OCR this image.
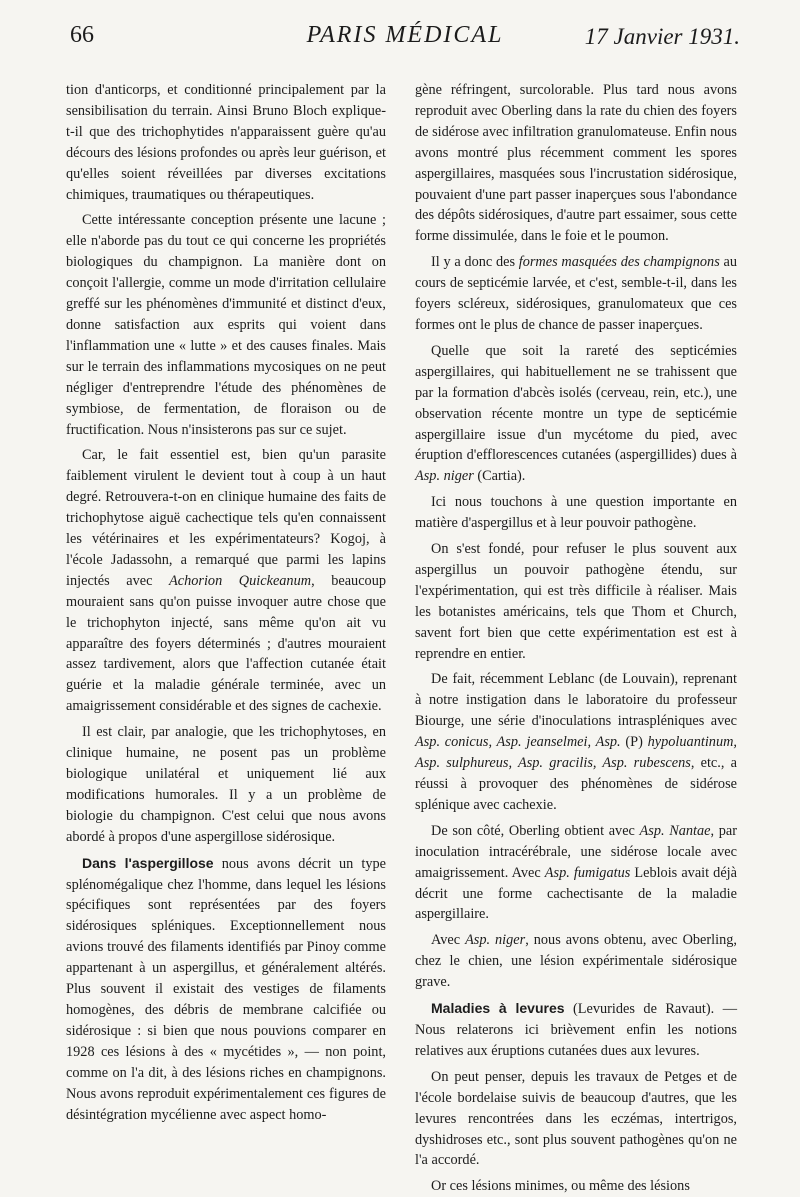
66	PARIS MÉDICAL	17 Janvier 1931.

tion d'anticorps, et conditionné principalement par la sensibilisation du terrain. Ainsi Bruno Bloch explique-t-il que des trichophytides n'apparaissent guère qu'au décours des lésions profondes ou après leur guérison, et qu'elles soient réveillées par diverses excitations chimiques, traumatiques ou thérapeutiques.

Cette intéressante conception présente une lacune ; elle n'aborde pas du tout ce qui concerne les propriétés biologiques du champignon. La manière dont on conçoit l'allergie, comme un mode d'irritation cellulaire greffé sur les phénomènes d'immunité et distinct d'eux, donne satisfaction aux esprits qui voient dans l'inflammation une « lutte » et des causes finales. Mais sur le terrain des inflammations mycosiques on ne peut négliger d'entreprendre l'étude des phénomènes de symbiose, de fermentation, de floraison ou de fructification. Nous n'insisterons pas sur ce sujet.

Car, le fait essentiel est, bien qu'un parasite faiblement virulent le devient tout à coup à un haut degré. Retrouvera-t-on en clinique humaine des faits de trichophytose aiguë cachectique tels qu'en connaissent les vétérinaires et les expérimentateurs? Kogoj, à l'école Jadassohn, a remarqué que parmi les lapins injectés avec Achorion Quickeanum, beaucoup mouraient sans qu'on puisse invoquer autre chose que le trichophyton injecté, sans même qu'on ait vu apparaître des foyers déterminés ; d'autres mouraient assez tardivement, alors que l'affection cutanée était guérie et la maladie générale terminée, avec un amaigrissement considérable et des signes de cachexie.

Il est clair, par analogie, que les trichophytoses, en clinique humaine, ne posent pas un problème biologique unilatéral et uniquement lié aux modifications humorales. Il y a un problème de biologie du champignon. C'est celui que nous avons abordé à propos d'une aspergillose sidérosique.

Dans l'aspergillose nous avons décrit un type splénomégalique chez l'homme, dans lequel les lésions spécifiques sont représentées par des foyers sidérosiques spléniques. Exceptionnellement nous avions trouvé des filaments identifiés par Pinoy comme appartenant à un aspergillus, et généralement altérés. Plus souvent il existait des vestiges de filaments homogènes, des débris de membrane calcifiée ou sidérosique : si bien que nous pouvions comparer en 1928 ces lésions à des « mycétides », — non point, comme on l'a dit, à des lésions riches en champignons. Nous avons reproduit expérimentalement ces figures de désintégration mycélienne avec aspect homo-

gène réfringent, surcolorable. Plus tard nous avons reproduit avec Oberling dans la rate du chien des foyers de sidérose avec infiltration granulomateuse. Enfin nous avons montré plus récemment comment les spores aspergillaires, masquées sous l'incrustation sidérosique, pouvaient d'une part passer inaperçues sous l'abondance des dépôts sidérosiques, d'autre part essaimer, sous cette forme dissimulée, dans le foie et le poumon.

Il y a donc des formes masquées des champignons au cours de septicémie larvée, et c'est, semble-t-il, dans les foyers scléreux, sidérosiques, granulomateux que ces formes ont le plus de chance de passer inaperçues.

Quelle que soit la rareté des septicémies aspergillaires, qui habituellement ne se trahissent que par la formation d'abcès isolés (cerveau, rein, etc.), une observation récente montre un type de septicémie aspergillaire issue d'un mycétome du pied, avec éruption d'efflorescences cutanées (aspergillides) dues à Asp. niger (Cartia).

Ici nous touchons à une question importante en matière d'aspergillus et à leur pouvoir pathogène.

On s'est fondé, pour refuser le plus souvent aux aspergillus un pouvoir pathogène étendu, sur l'expérimentation, qui est très difficile à réaliser. Mais les botanistes américains, tels que Thom et Church, savent fort bien que cette expérimentation est est à reprendre en entier.

De fait, récemment Leblanc (de Louvain), reprenant à notre instigation dans le laboratoire du professeur Biourge, une série d'inoculations intraspléniques avec Asp. conicus, Asp. jeanselmei, Asp. (P) hypoluantinum, Asp. sulphureus, Asp. gracilis, Asp. rubescens, etc., a réussi à provoquer des phénomènes de sidérose splénique avec cachexie.

De son côté, Oberling obtient avec Asp. Nantae, par inoculation intracérébrale, une sidérose locale avec amaigrissement. Avec Asp. fumigatus Leblois avait déjà décrit une forme cachectisante de la maladie aspergillaire.

Avec Asp. niger, nous avons obtenu, avec Oberling, chez le chien, une lésion expérimentale sidérosique grave.

Maladies à levures (Levurides de Ravaut). — Nous relaterons ici brièvement enfin les notions relatives aux éruptions cutanées dues aux levures.

On peut penser, depuis les travaux de Petges et de l'école bordelaise suivis de beaucoup d'autres, que les levures rencontrées dans les eczémas, intertrigos, dyshidroses etc., sont plus souvent pathogènes qu'on ne l'a accordé.

Or ces lésions minimes, ou même des lésions
